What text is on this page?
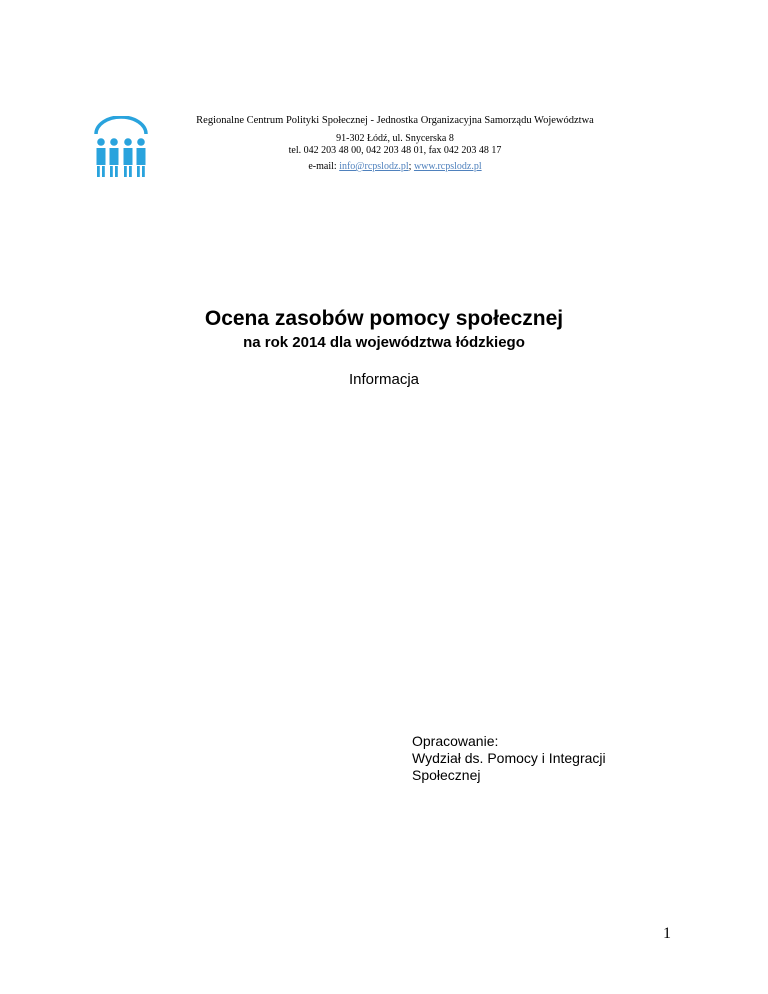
Regionalne Centrum Polityki Społecznej - Jednostka Organizacyjna Samorządu Województwa
91-302 Łódź, ul. Snycerska 8
tel. 042 203 48 00, 042 203 48 01, fax 042 203 48 17
e-mail: info@rcpslodz.pl; www.rcpslodz.pl
Ocena zasobów pomocy społecznej
na rok 2014 dla województwa łódzkiego
Informacja
Opracowanie:
Wydział ds. Pomocy i Integracji
Społecznej
1
